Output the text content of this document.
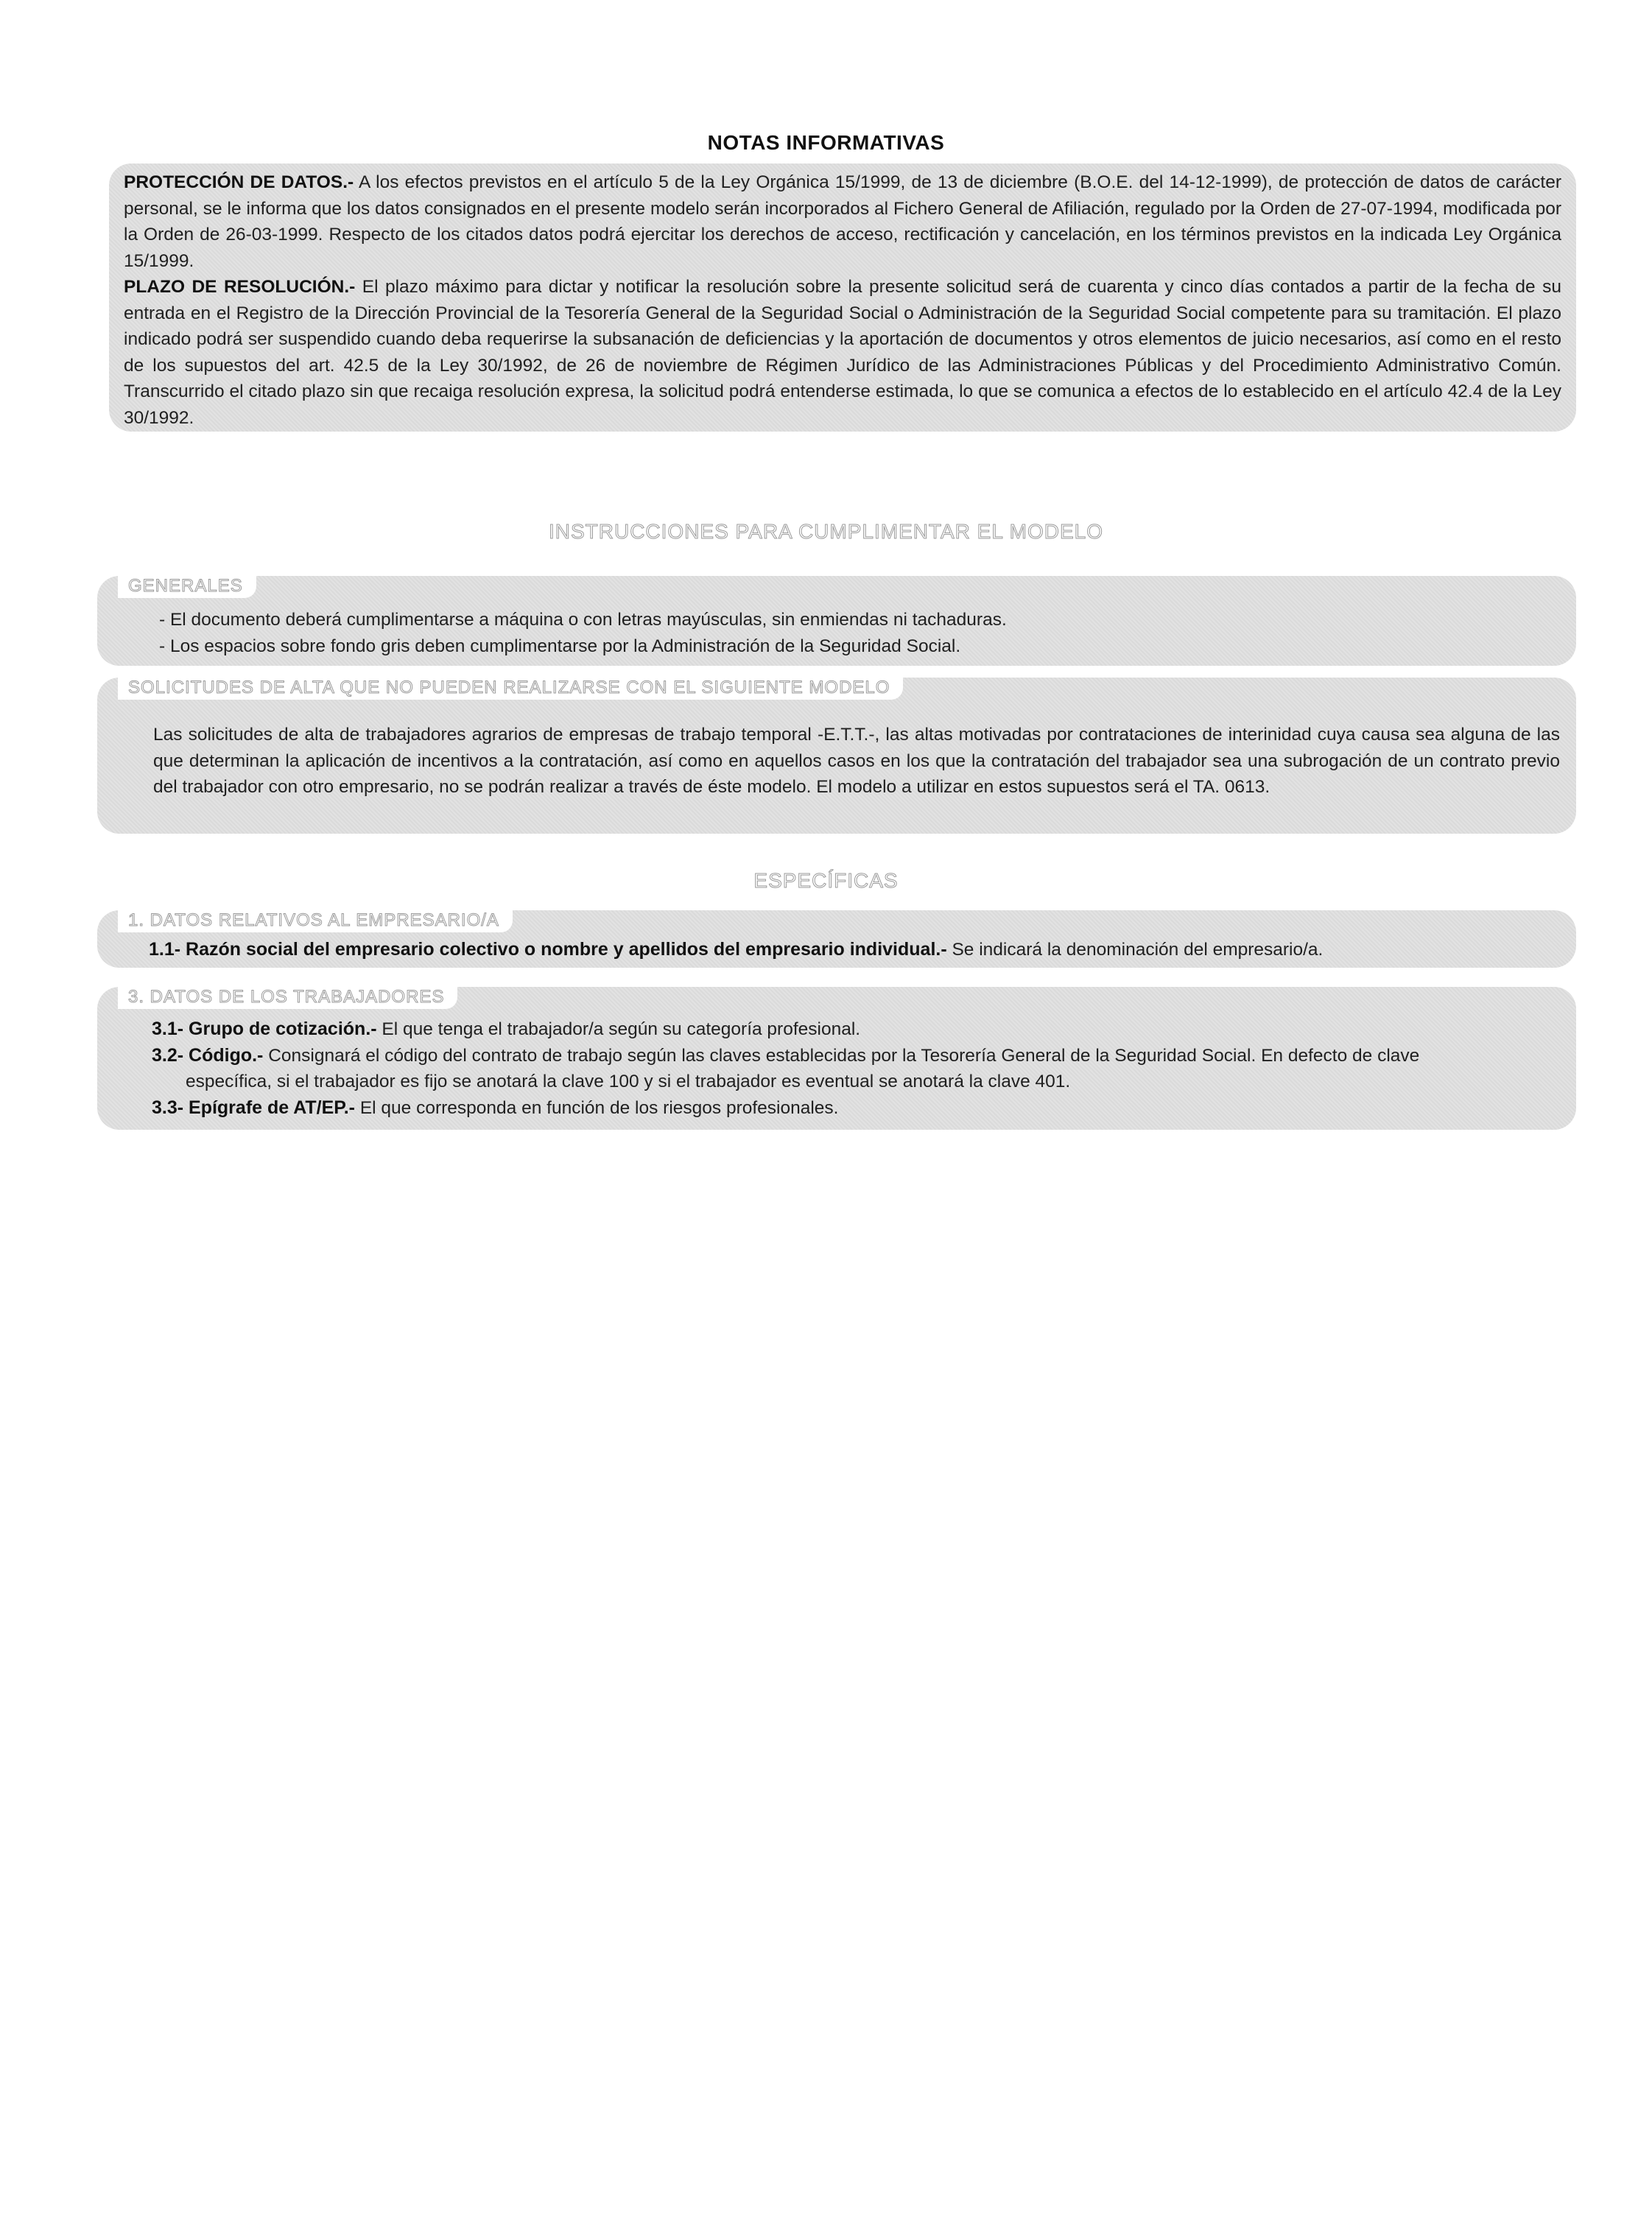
NOTAS INFORMATIVAS

PROTECCIÓN DE DATOS.- A los efectos previstos en el artículo 5 de la Ley Orgánica 15/1999, de 13 de diciembre (B.O.E. del 14-12-1999), de protección de datos de carácter personal, se le informa que los datos consignados en el presente modelo serán incorporados al Fichero General de Afiliación, regulado por la Orden de 27-07-1994, modificada por la Orden de 26-03-1999. Respecto de los citados datos podrá ejercitar los derechos de acceso, rectificación y cancelación, en los términos previstos en la indicada Ley Orgánica 15/1999.

PLAZO DE RESOLUCIÓN.- El plazo máximo para dictar y notificar la resolución sobre la presente solicitud será de cuarenta y cinco días contados a partir de la fecha de su entrada en el Registro de la Dirección Provincial de la Tesorería General de la Seguridad Social o Administración de la Seguridad Social competente para su tramitación. El plazo indicado podrá ser suspendido cuando deba requerirse la subsanación de deficiencias y la aportación de documentos y otros elementos de juicio necesarios, así como en el resto de los supuestos del art. 42.5 de la Ley 30/1992, de 26 de noviembre de Régimen Jurídico de las Administraciones Públicas y del Procedimiento Administrativo Común. Transcurrido el citado plazo sin que recaiga resolución expresa, la solicitud podrá entenderse estimada, lo que se comunica a efectos de lo establecido en el artículo 42.4 de la Ley 30/1992.

INSTRUCCIONES PARA CUMPLIMENTAR EL MODELO
GENERALES

- El documento deberá cumplimentarse a máquina o con letras mayúsculas, sin enmiendas ni tachaduras.

- Los espacios sobre fondo gris deben cumplimentarse por la Administración de la Seguridad Social.

SOLICITUDES DE ALTA QUE NO PUEDEN REALIZARSE CON EL SIGUIENTE MODELO

Las solicitudes de alta de trabajadores agrarios de empresas de trabajo temporal -E.T.T.-, las altas motivadas por contrataciones de interinidad cuya causa sea alguna de las que determinan la aplicación de incentivos a la contratación, así como en aquellos casos en los que la contratación del trabajador sea una subrogación de un contrato previo del trabajador con otro empresario, no se podrán realizar a través de éste modelo. El modelo a utilizar en estos supuestos será el TA. 0613.

ESPECÍFICAS
1. DATOS RELATIVOS AL EMPRESARIO/A

1.1- Razón social del empresario colectivo o nombre y apellidos del empresario individual.- Se indicará la denominación del empresario/a.

3. DATOS DE LOS TRABAJADORES

3.1- Grupo de cotización.- El que tenga el trabajador/a según su categoría profesional.

3.2- Código.- Consignará el código del contrato de trabajo según las claves establecidas por la Tesorería General de la Seguridad Social. En defecto de clave

específica, si el trabajador es fijo se anotará la clave 100 y si el trabajador es eventual se anotará la clave 401.

3.3- Epígrafe de AT/EP.- El que corresponda en función de los riesgos profesionales.
